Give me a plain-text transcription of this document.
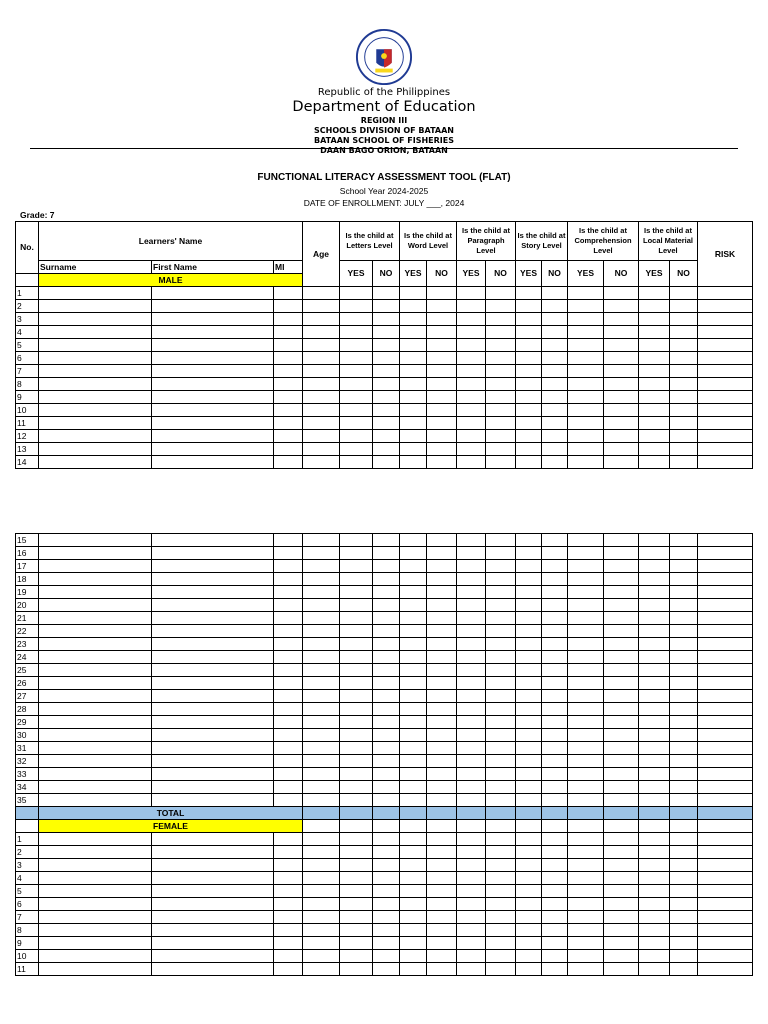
Republic of the Philippines
Department of Education
REGION III
SCHOOLS DIVISION OF BATAAN
BATAAN SCHOOL OF FISHERIES
DAAN BAGO ORION, BATAAN
FUNCTIONAL LITERACY ASSESSMENT TOOL (FLAT)
School Year 2024-2025
DATE OF ENROLLMENT: JULY ___, 2024
Grade: 7
No.	Learners' Name			Age	Is the child at Letters Level		Is the child at Word Level		Is the child at Paragraph Level		Is the child at Story Level		Is the child at Comprehension Level		Is the child at Local Material Level		RISK
	Surname	First Name	MI		YES	NO	YES	NO	YES	NO	YES	NO	YES	NO	YES	NO	
	MALE																
1																	
2																	
3																	
4																	
5																	
6																	
7																	
8																	
9																	
10																	
11																	
12																	
13																	
14																	
15																	
16																	
17																	
18																	
19																	
20																	
21																	
22																	
23																	
24																	
25																	
26																	
27																	
28																	
29																	
30																	
31																	
32																	
33																	
34																	
35																	
	TOTAL																
	FEMALE																
1																	
2																	
3																	
4																	
5																	
6																	
7																	
8																	
9																	
10																	
11																	
